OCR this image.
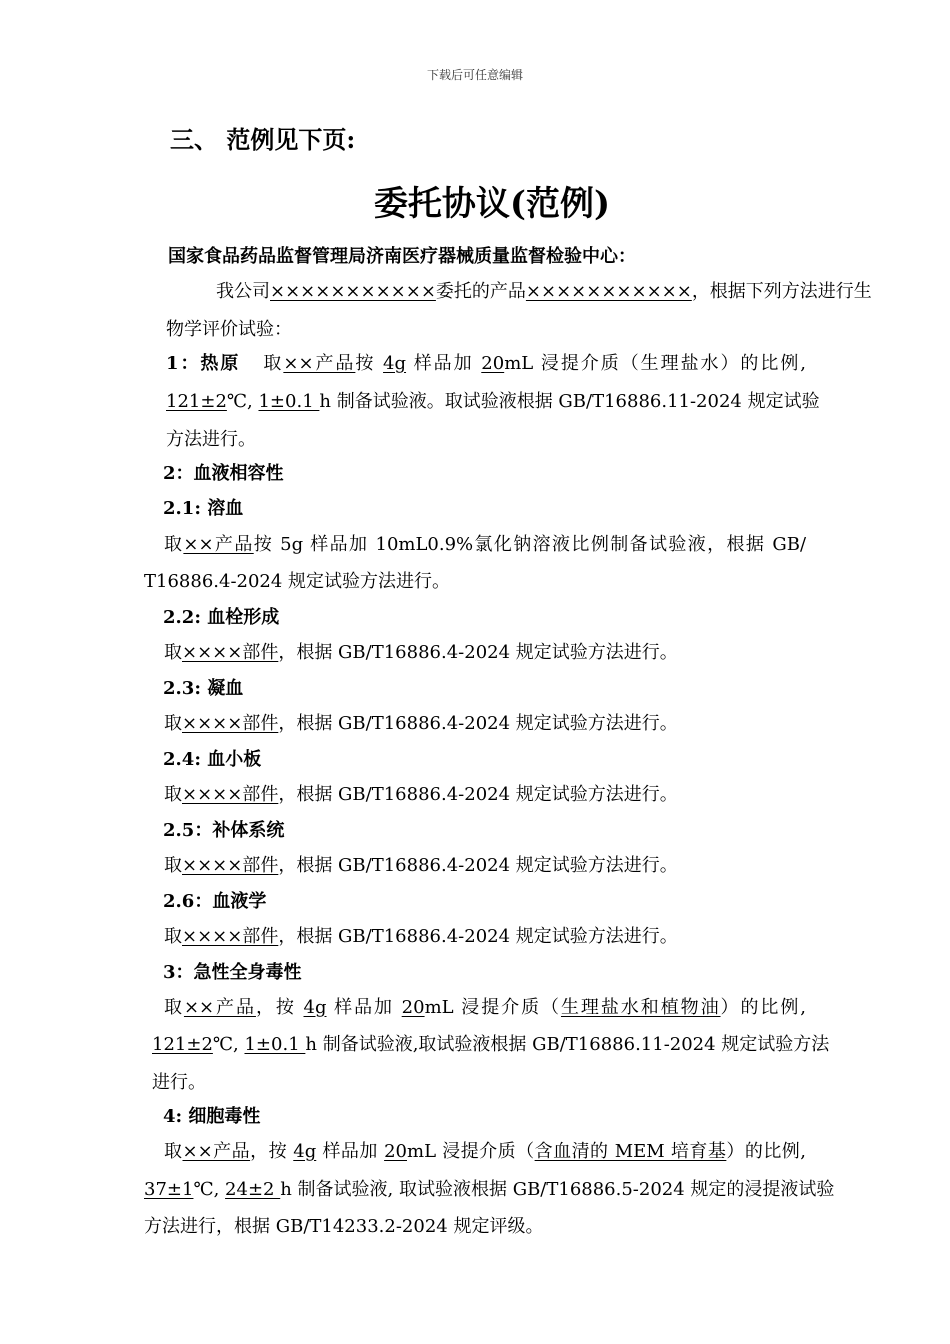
下载后可任意编辑
三、 范例见下页:
委托协议(范例)
国家食品药品监督管理局济南医疗器械质量监督检验中心：
我公司×××××××××××委托的产品×××××××××××，根据下列方法进行生
物学评价试验：
1：热原 取××产品按 4g 样品加 20mL 浸提介质（生理盐水）的比例,
121±2℃, 1±0.1 h 制备试验液。取试验液根据 GB/T16886.11-2024 规定试验
方法进行。
2：血液相容性
2.1: 溶血
取××产品按 5g 样品加 10mL0.9%氯化钠溶液比例制备试验液，根据 GB/
T16886.4-2024 规定试验方法进行。
2.2: 血栓形成
取××××部件，根据 GB/T16886.4-2024 规定试验方法进行。
2.3: 凝血
取××××部件，根据 GB/T16886.4-2024 规定试验方法进行。
2.4: 血小板
取××××部件，根据 GB/T16886.4-2024 规定试验方法进行。
2.5：补体系统
取××××部件，根据 GB/T16886.4-2024 规定试验方法进行。
2.6：血液学
取××××部件，根据 GB/T16886.4-2024 规定试验方法进行。
3：急性全身毒性
取××产品，按 4g 样品加 20mL 浸提介质（生理盐水和植物油）的比例,
121±2℃, 1±0.1 h 制备试验液,取试验液根据 GB/T16886.11-2024 规定试验方法
进行。
4: 细胞毒性
取××产品，按 4g 样品加 20mL 浸提介质（含血清的 MEM 培育基）的比例,
37±1℃, 24±2 h 制备试验液, 取试验液根据 GB/T16886.5-2024 规定的浸提液试验
方法进行，根据 GB/T14233.2-2024 规定评级。
